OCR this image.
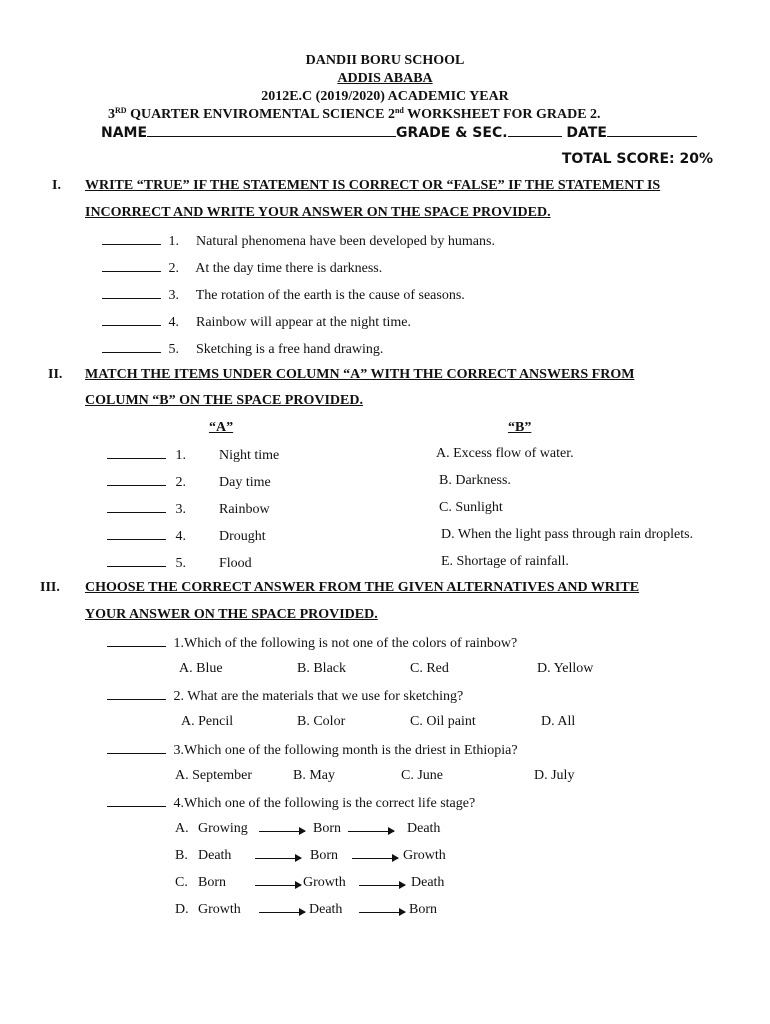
DANDII BORU SCHOOL
ADDIS ABABA
2012E.C (2019/2020) ACADEMIC YEAR
3RD QUARTER ENVIROMENTAL SCIENCE 2nd WORKSHEET FOR GRADE 2.
NAME	GRADE & SEC.	DATE
TOTAL SCORE: 20%
I. WRITE “TRUE” IF THE STATEMENT IS CORRECT OR “FALSE” IF THE STATEMENT IS
INCORRECT AND WRITE YOUR ANSWER ON THE SPACE PROVIDED.
1. Natural phenomena have been developed by humans.
2. At the day time there is darkness.
3. The rotation of the earth is the cause of seasons.
4. Rainbow will appear at the night time.
5. Sketching is a free hand drawing.
II. MATCH THE ITEMS UNDER COLUMN “A” WITH THE CORRECT ANSWERS FROM
COLUMN “B” ON THE SPACE PROVIDED.
“A”	“B”
1. Night time	A. Excess flow of water.
2. Day time	B. Darkness.
3. Rainbow	C. Sunlight
4. Drought	D. When the light pass through rain droplets.
5. Flood	E. Shortage of rainfall.
III. CHOOSE THE CORRECT ANSWER FROM THE GIVEN ALTERNATIVES AND WRITE
YOUR ANSWER ON THE SPACE PROVIDED.
1.Which of the following is not one of the colors of rainbow?
A. Blue	B. Black	C. Red	D. Yellow
2. What are the materials that we use for sketching?
A. Pencil	B. Color	C. Oil paint	D. All
3.Which one of the following month is the driest in Ethiopia?
A. September	B. May	C. June	D. July
4.Which one of the following is the correct life stage?
A. Growing	Born	Death
B. Death	Born	Growth
C. Born	Growth	Death
D. Growth	Death	Born
